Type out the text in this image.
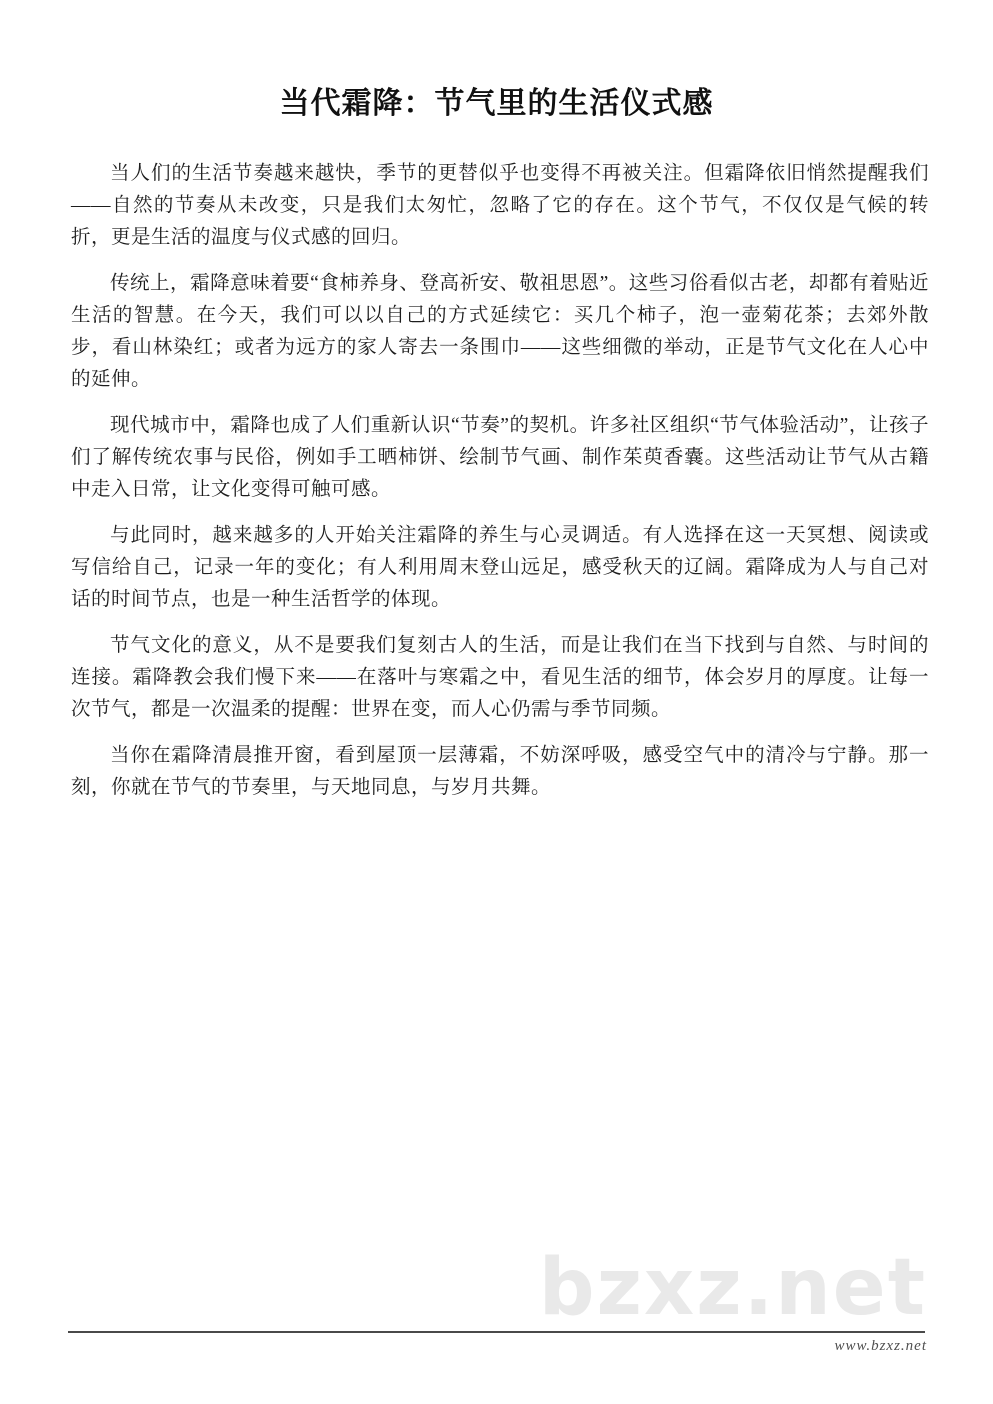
当代霜降：节气里的生活仪式感

当人们的生活节奏越来越快，季节的更替似乎也变得不再被关注。但霜降依旧悄然提醒我们——自然的节奏从未改变，只是我们太匆忙，忽略了它的存在。这个节气，不仅仅是气候的转折，更是生活的温度与仪式感的回归。

传统上，霜降意味着要“食柿养身、登高祈安、敬祖思恩”。这些习俗看似古老，却都有着贴近生活的智慧。在今天，我们可以以自己的方式延续它：买几个柿子，泡一壶菊花茶；去郊外散步，看山林染红；或者为远方的家人寄去一条围巾——这些细微的举动，正是节气文化在人心中的延伸。

现代城市中，霜降也成了人们重新认识“节奏”的契机。许多社区组织“节气体验活动”，让孩子们了解传统农事与民俗，例如手工晒柿饼、绘制节气画、制作茱萸香囊。这些活动让节气从古籍中走入日常，让文化变得可触可感。

与此同时，越来越多的人开始关注霜降的养生与心灵调适。有人选择在这一天冥想、阅读或写信给自己，记录一年的变化；有人利用周末登山远足，感受秋天的辽阔。霜降成为人与自己对话的时间节点，也是一种生活哲学的体现。

节气文化的意义，从不是要我们复刻古人的生活，而是让我们在当下找到与自然、与时间的连接。霜降教会我们慢下来——在落叶与寒霜之中，看见生活的细节，体会岁月的厚度。让每一次节气，都是一次温柔的提醒：世界在变，而人心仍需与季节同频。

当你在霜降清晨推开窗，看到屋顶一层薄霜，不妨深呼吸，感受空气中的清冷与宁静。那一刻，你就在节气的节奏里，与天地同息，与岁月共舞。

bzxz.net
www.bzxz.net
